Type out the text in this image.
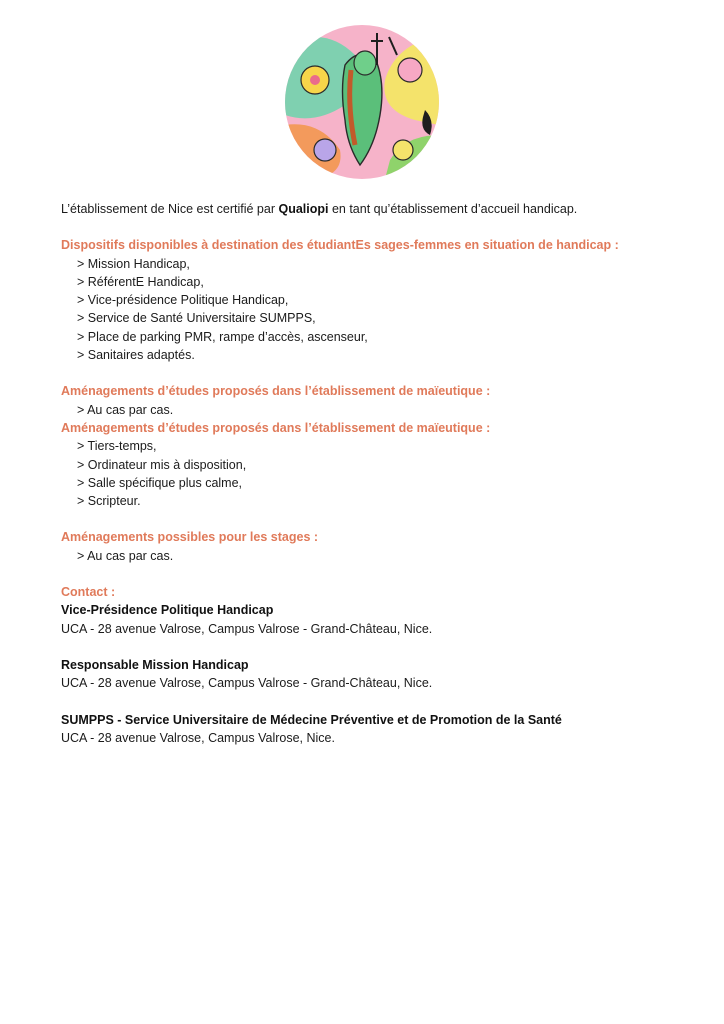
L’établissement de Nice est certifié par Qualiopi en tant qu’établissement d’accueil handicap.

Dispositifs disponibles à destination des étudiantEs sages-femmes en situation de handicap :

> Mission Handicap,
> RéférentE Handicap,
> Vice-présidence Politique Handicap,
> Service de Santé Universitaire SUMPPS,
> Place de parking PMR, rampe d’accès, ascenseur,
> Sanitaires adaptés.

Aménagements d’études proposés dans l’établissement de maïeutique :

> Au cas par cas.

Aménagements d’études proposés dans l’établissement de maïeutique :

> Tiers-temps,
> Ordinateur mis à disposition,
> Salle spécifique plus calme,
> Scripteur.

Aménagements possibles pour les stages :

> Au cas par cas.

Contact :

Vice-Présidence Politique Handicap

UCA - 28 avenue Valrose, Campus Valrose - Grand-Château, Nice.

Responsable Mission Handicap

UCA - 28 avenue Valrose, Campus Valrose - Grand-Château, Nice.

SUMPPS - Service Universitaire de Médecine Préventive et de Promotion de la Santé

UCA - 28 avenue Valrose, Campus Valrose, Nice.
